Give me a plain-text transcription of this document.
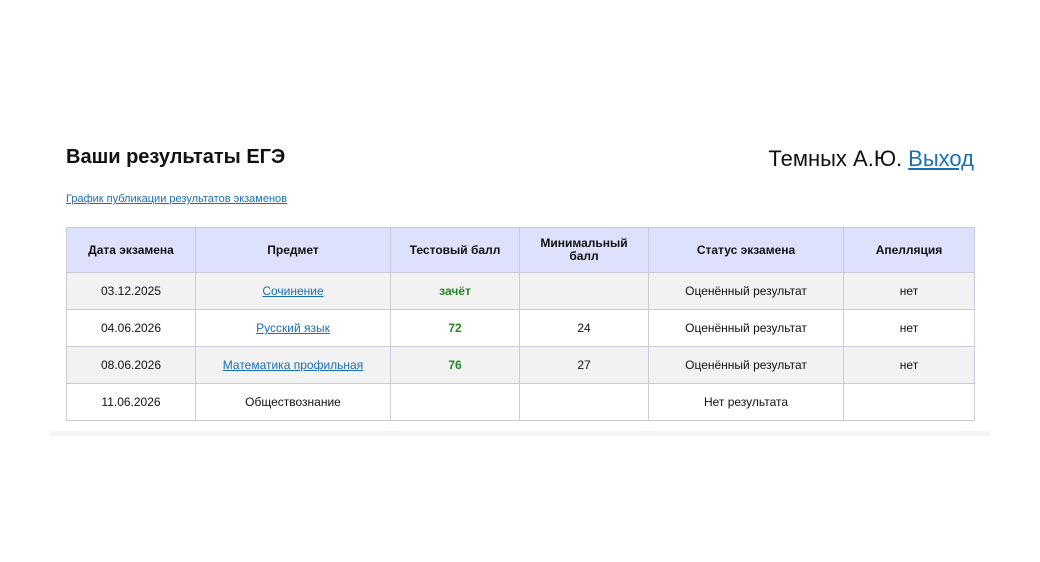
Ваши результаты ЕГЭ	Темных А.Ю. Выход
График публикации результатов экзаменов
Дата экзамена	Предмет	Тестовый балл	Минимальный балл	Статус экзамена	Апелляция
03.12.2025	Сочинение	зачёт		Оценённый результат	нет
04.06.2026	Русский язык	72	24	Оценённый результат	нет
08.06.2026	Математика профильная	76	27	Оценённый результат	нет
11.06.2026	Обществознание			Нет результата	
